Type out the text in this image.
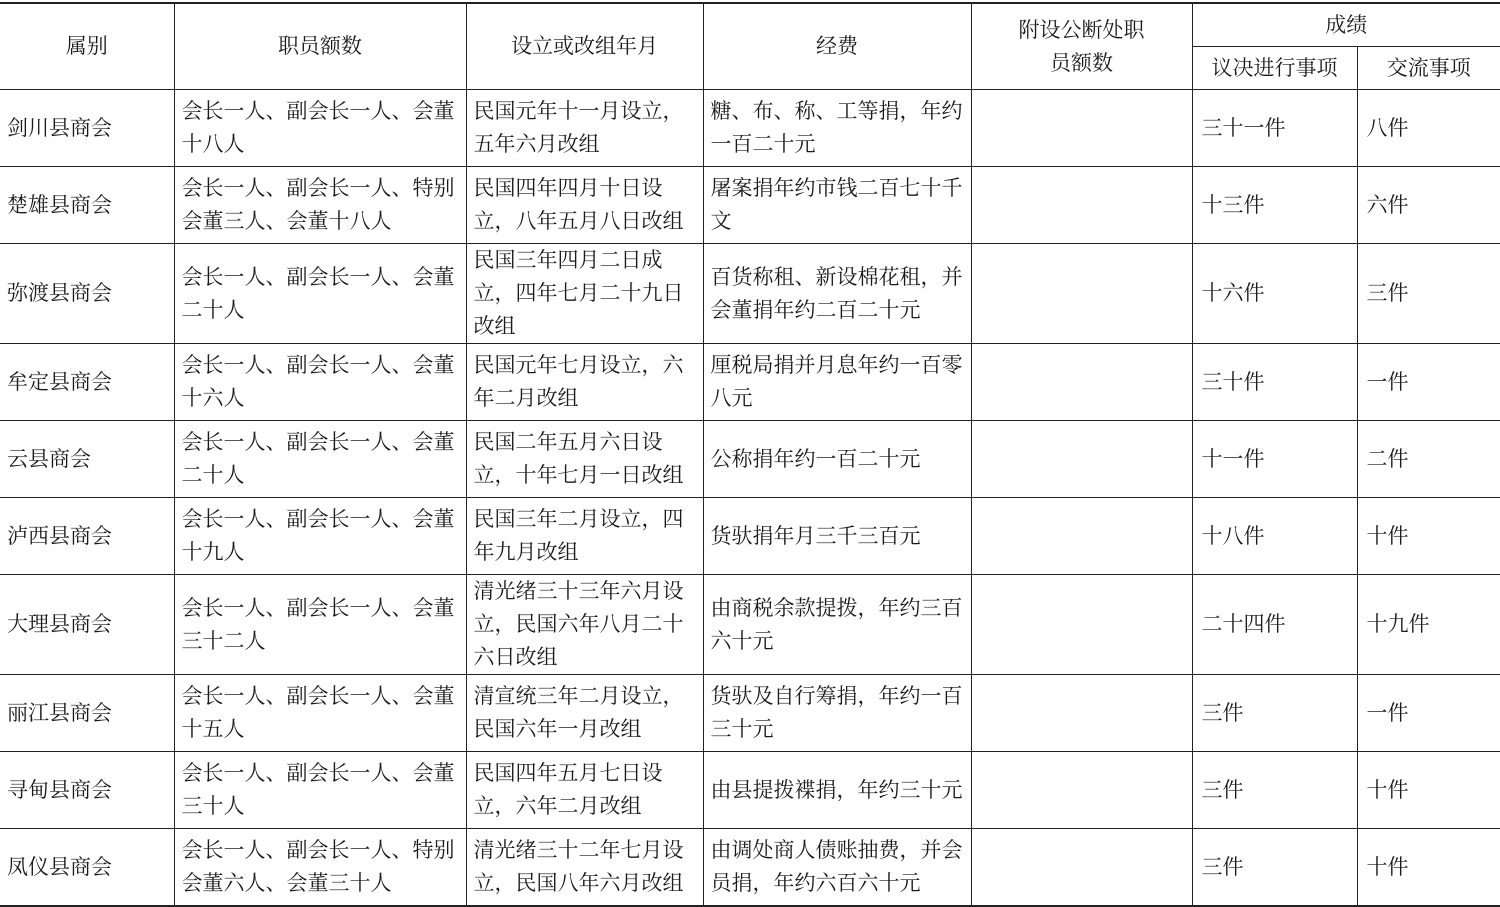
属别	职员额数	设立或改组年月	经费	附设公断处职员额数	成绩	
					议决进行事项	交流事项
剑川县商会	会长一人、副会长一人、会董十八人	民国元年十一月设立，五年六月改组	糖、布、称、工等捐，年约一百二十元		三十一件	八件
楚雄县商会	会长一人、副会长一人、特别会董三人、会董十八人	民国四年四月十日设立，八年五月八日改组	屠案捐年约市钱二百七十千文		十三件	六件
弥渡县商会	会长一人、副会长一人、会董二十人	民国三年四月二日成立，四年七月二十九日改组	百货称租、新设棉花租，并会董捐年约二百二十元		十六件	三件
牟定县商会	会长一人、副会长一人、会董十六人	民国元年七月设立，六年二月改组	厘税局捐并月息年约一百零八元		三十件	一件
云县商会	会长一人、副会长一人、会董二十人	民国二年五月六日设立，十年七月一日改组	公称捐年约一百二十元		十一件	二件
泸西县商会	会长一人、副会长一人、会董十九人	民国三年二月设立，四年九月改组	货驮捐年月三千三百元		十八件	十件
大理县商会	会长一人、副会长一人、会董三十二人	清光绪三十三年六月设立，民国六年八月二十六日改组	由商税余款提拨，年约三百六十元		二十四件	十九件
丽江县商会	会长一人、副会长一人、会董十五人	清宣统三年二月设立，民国六年一月改组	货驮及自行筹捐，年约一百三十元		三件	一件
寻甸县商会	会长一人、副会长一人、会董三十人	民国四年五月七日设立，六年二月改组	由县提拨褋捐，年约三十元		三件	十件
凤仪县商会	会长一人、副会长一人、特别会董六人、会董三十人	清光绪三十二年七月设立，民国八年六月改组	由调处商人债账抽费，并会员捐，年约六百六十元		三件	十件
